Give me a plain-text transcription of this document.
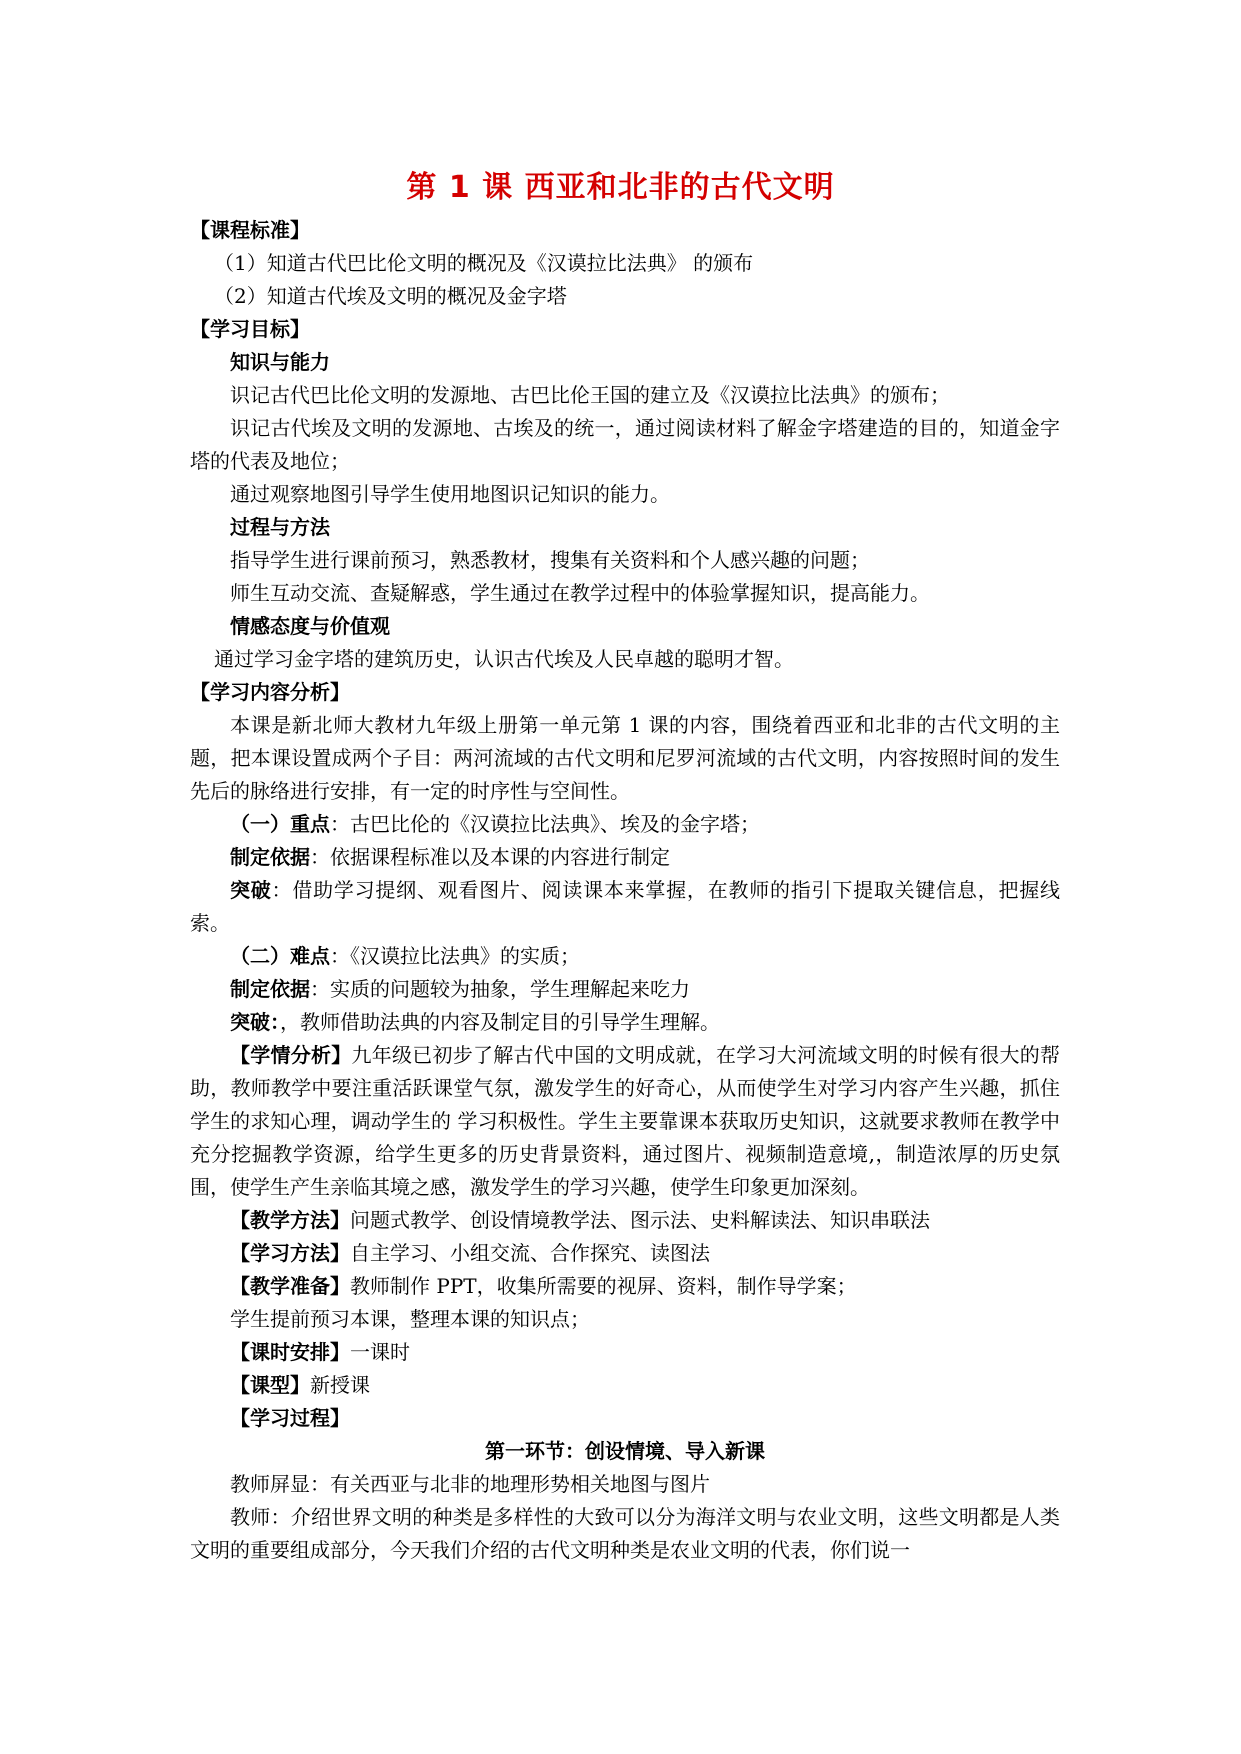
第 1 课 西亚和北非的古代文明
【课程标准】
（1）知道古代巴比伦文明的概况及《汉谟拉比法典》 的颁布
（2）知道古代埃及文明的概况及金字塔
【学习目标】
知识与能力
识记古代巴比伦文明的发源地、古巴比伦王国的建立及《汉谟拉比法典》的颁布；
识记古代埃及文明的发源地、古埃及的统一，通过阅读材料了解金字塔建造的目的，知道金字塔的代表及地位；
通过观察地图引导学生使用地图识记知识的能力。
过程与方法
指导学生进行课前预习，熟悉教材，搜集有关资料和个人感兴趣的问题；
师生互动交流、查疑解惑，学生通过在教学过程中的体验掌握知识，提高能力。
情感态度与价值观
通过学习金字塔的建筑历史，认识古代埃及人民卓越的聪明才智。
【学习内容分析】
本课是新北师大教材九年级上册第一单元第 1 课的内容，围绕着西亚和北非的古代文明的主题，把本课设置成两个子目：两河流域的古代文明和尼罗河流域的古代文明，内容按照时间的发生先后的脉络进行安排，有一定的时序性与空间性。
（一）重点：古巴比伦的《汉谟拉比法典》、埃及的金字塔；
制定依据：依据课程标准以及本课的内容进行制定
突破：借助学习提纲、观看图片、阅读课本来掌握，在教师的指引下提取关键信息，把握线索。
（二）难点：《汉谟拉比法典》的实质；
制定依据：实质的问题较为抽象，学生理解起来吃力
突破：，教师借助法典的内容及制定目的引导学生理解。
【学情分析】九年级已初步了解古代中国的文明成就，在学习大河流域文明的时候有很大的帮助，教师教学中要注重活跃课堂气氛，激发学生的好奇心，从而使学生对学习内容产生兴趣，抓住学生的求知心理，调动学生的 学习积极性。学生主要靠课本获取历史知识，这就要求教师在教学中充分挖掘教学资源，给学生更多的历史背景资料，通过图片、视频制造意境,，制造浓厚的历史氛围，使学生产生亲临其境之感，激发学生的学习兴趣，使学生印象更加深刻。
【教学方法】问题式教学、创设情境教学法、图示法、史料解读法、知识串联法
【学习方法】自主学习、小组交流、合作探究、读图法
【教学准备】教师制作 PPT，收集所需要的视屏、资料，制作导学案；
学生提前预习本课，整理本课的知识点；
【课时安排】一课时
【课型】新授课
【学习过程】
第一环节：创设情境、导入新课
教师屏显：有关西亚与北非的地理形势相关地图与图片
教师：介绍世界文明的种类是多样性的大致可以分为海洋文明与农业文明，这些文明都是人类文明的重要组成部分，今天我们介绍的古代文明种类是农业文明的代表，你们说一
